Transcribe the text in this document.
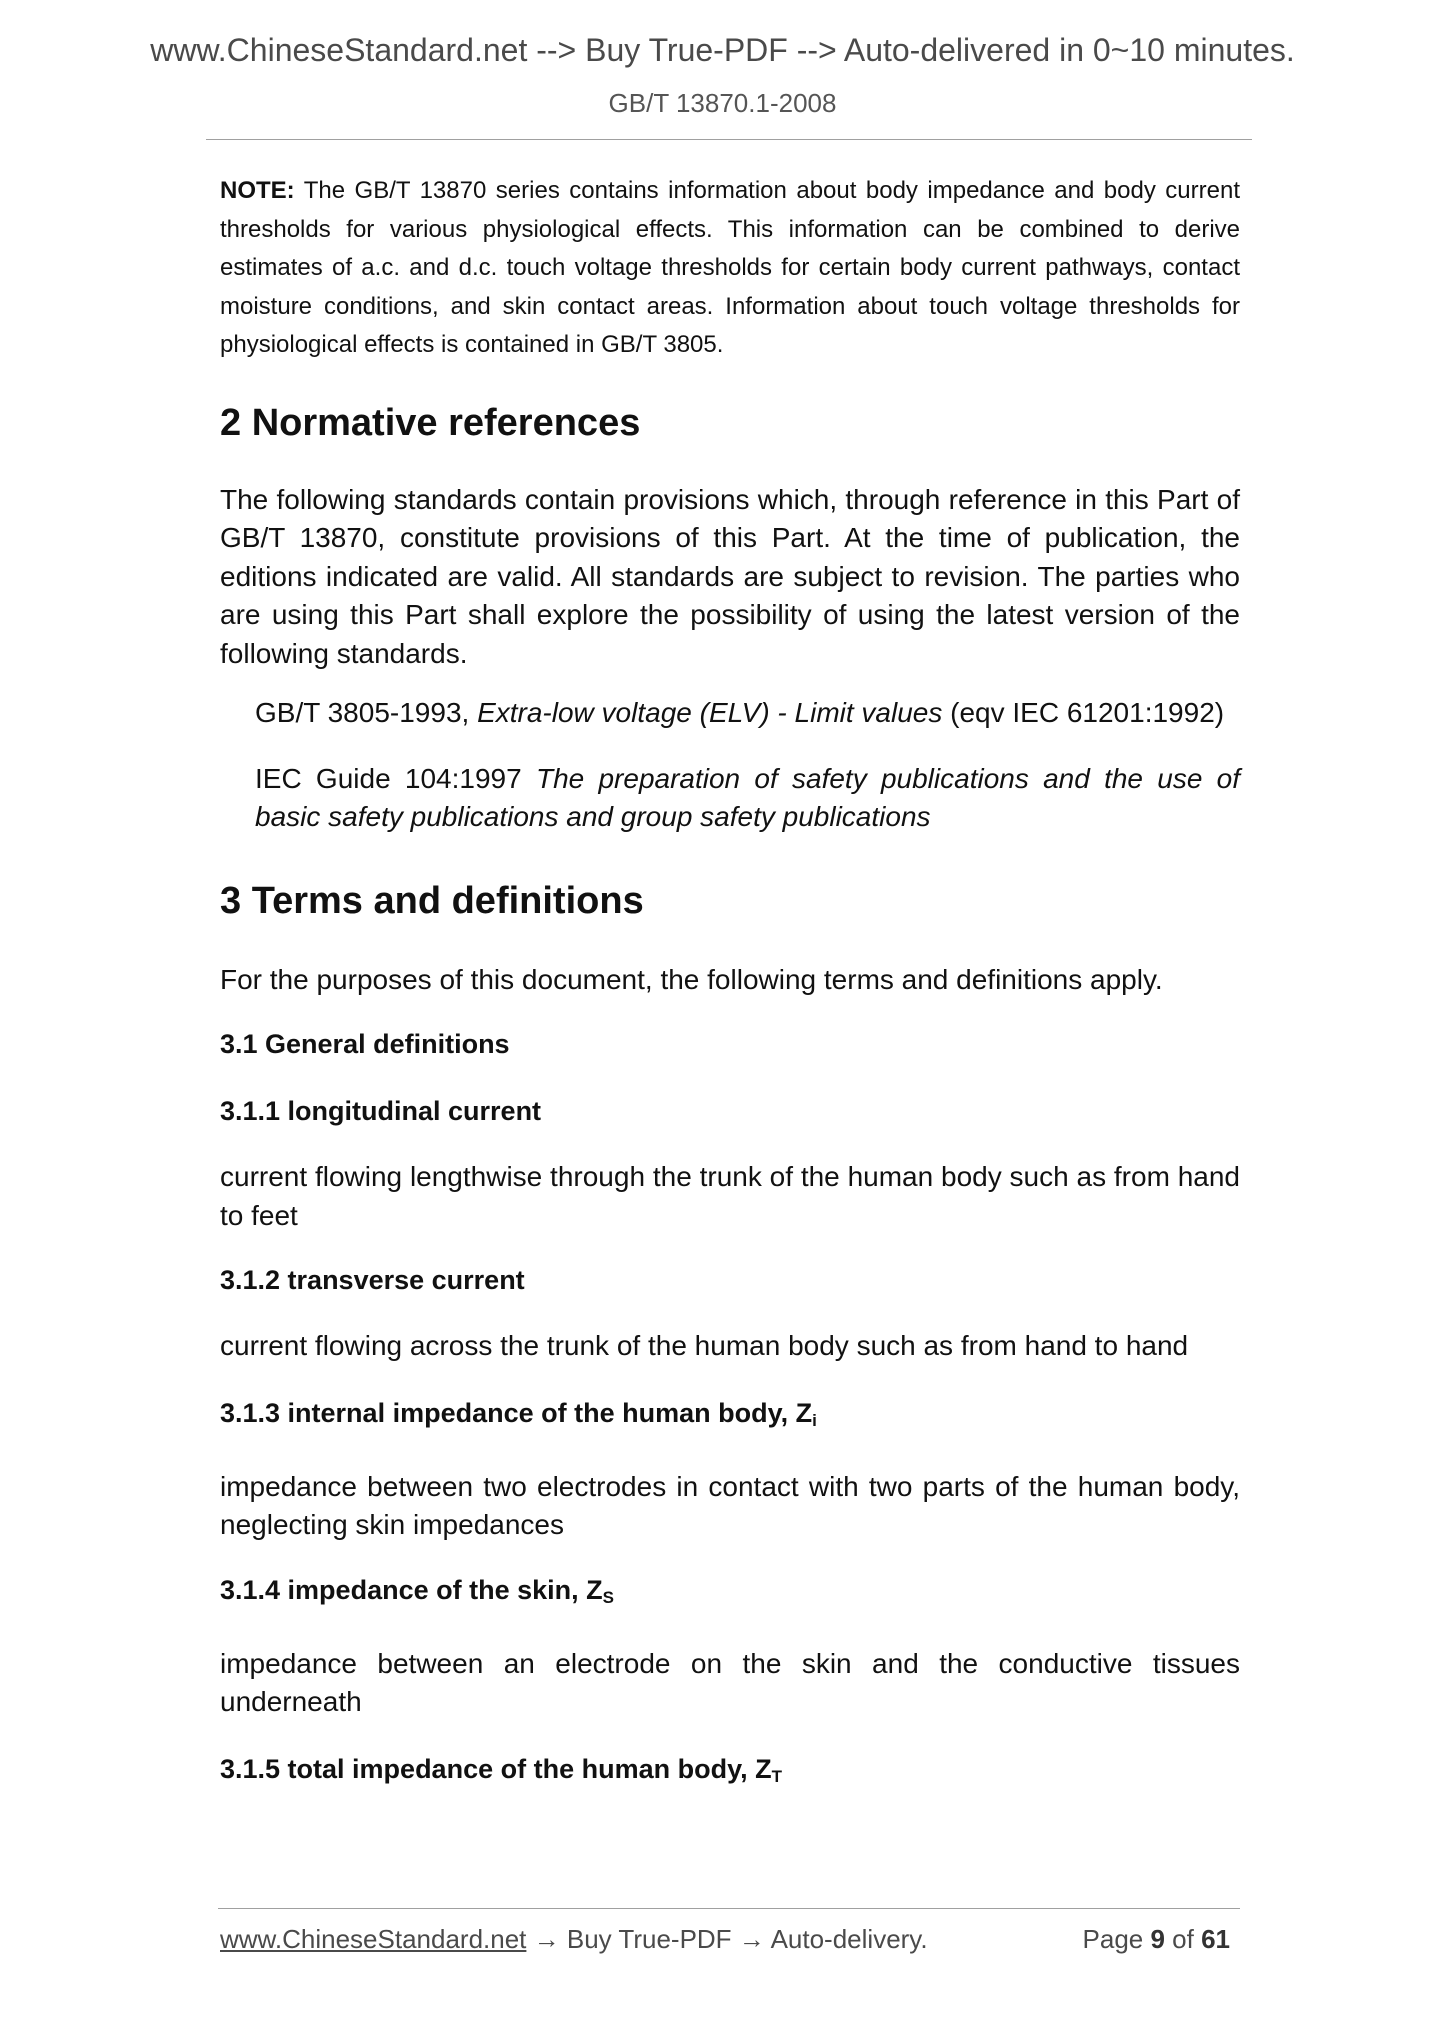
www.ChineseStandard.net --> Buy True-PDF --> Auto-delivered in 0~10 minutes.
GB/T 13870.1-2008

NOTE: The GB/T 13870 series contains information about body impedance and body current thresholds for various physiological effects. This information can be combined to derive estimates of a.c. and d.c. touch voltage thresholds for certain body current pathways, contact moisture conditions, and skin contact areas. Information about touch voltage thresholds for physiological effects is contained in GB/T 3805.

2 Normative references

The following standards contain provisions which, through reference in this Part of GB/T 13870, constitute provisions of this Part. At the time of publication, the editions indicated are valid. All standards are subject to revision. The parties who are using this Part shall explore the possibility of using the latest version of the following standards.

GB/T 3805-1993, Extra-low voltage (ELV) - Limit values (eqv IEC 61201:1992)

IEC Guide 104:1997 The preparation of safety publications and the use of basic safety publications and group safety publications

3 Terms and definitions

For the purposes of this document, the following terms and definitions apply.

3.1 General definitions

3.1.1 longitudinal current

current flowing lengthwise through the trunk of the human body such as from hand to feet

3.1.2 transverse current

current flowing across the trunk of the human body such as from hand to hand

3.1.3 internal impedance of the human body, $Z_i$

impedance between two electrodes in contact with two parts of the human body, neglecting skin impedances

3.1.4 impedance of the skin, $Z_S$

impedance between an electrode on the skin and the conductive tissues underneath

3.1.5 total impedance of the human body, $Z_T$

www.ChineseStandard.net → Buy True-PDF → Auto-delivery.	Page 9 of 61
